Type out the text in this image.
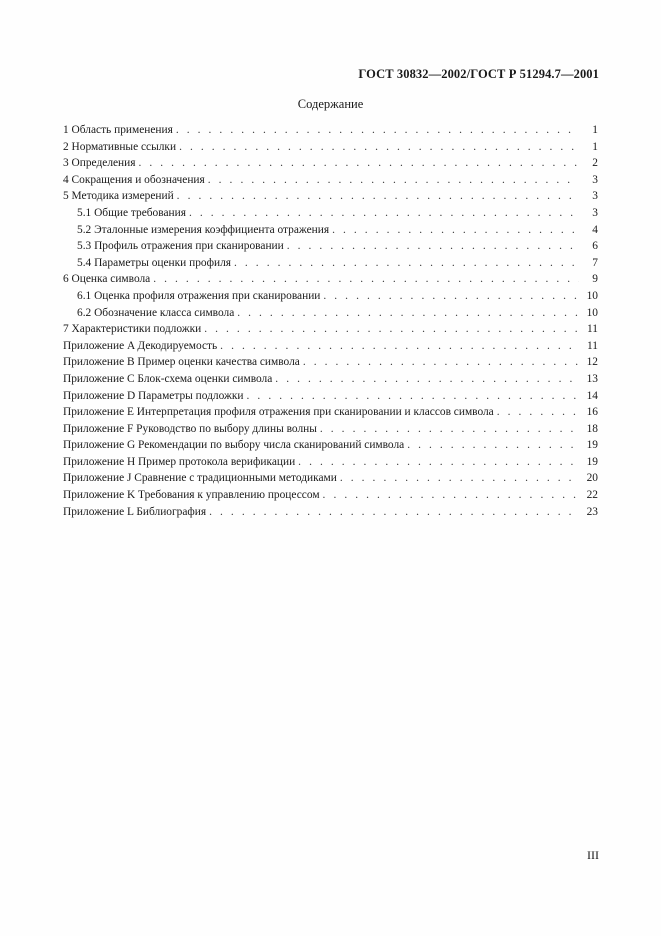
ГОСТ 30832—2002/ГОСТ Р 51294.7—2001
Содержание
1 Область применения . . .	1
2 Нормативные ссылки . . .	1
3 Определения . . .	2
4 Сокращения и обозначения . . .	3
5 Методика измерений . . .	3
5.1 Общие требования . . .	3
5.2 Эталонные измерения коэффициента отражения . . .	4
5.3 Профиль отражения при сканировании . . .	6
5.4 Параметры оценки профиля . . .	7
6 Оценка символа . . .	9
6.1 Оценка профиля отражения при сканировании . . .	10
6.2 Обозначение класса символа . . .	10
7 Характеристики подложки . . .	11
Приложение A Декодируемость . . .	11
Приложение B Пример оценки качества символа . . .	12
Приложение C Блок-схема оценки символа . . .	13
Приложение D Параметры подложки . . .	14
Приложение E Интерпретация профиля отражения при сканировании и классов символа . . .	16
Приложение F Руководство по выбору длины волны . . .	18
Приложение G Рекомендации по выбору числа сканирований символа . . .	19
Приложение H Пример протокола верификации . . .	19
Приложение J Сравнение с традиционными методиками . . .	20
Приложение K Требования к управлению процессом . . .	22
Приложение L Библиография . . .	23
III
